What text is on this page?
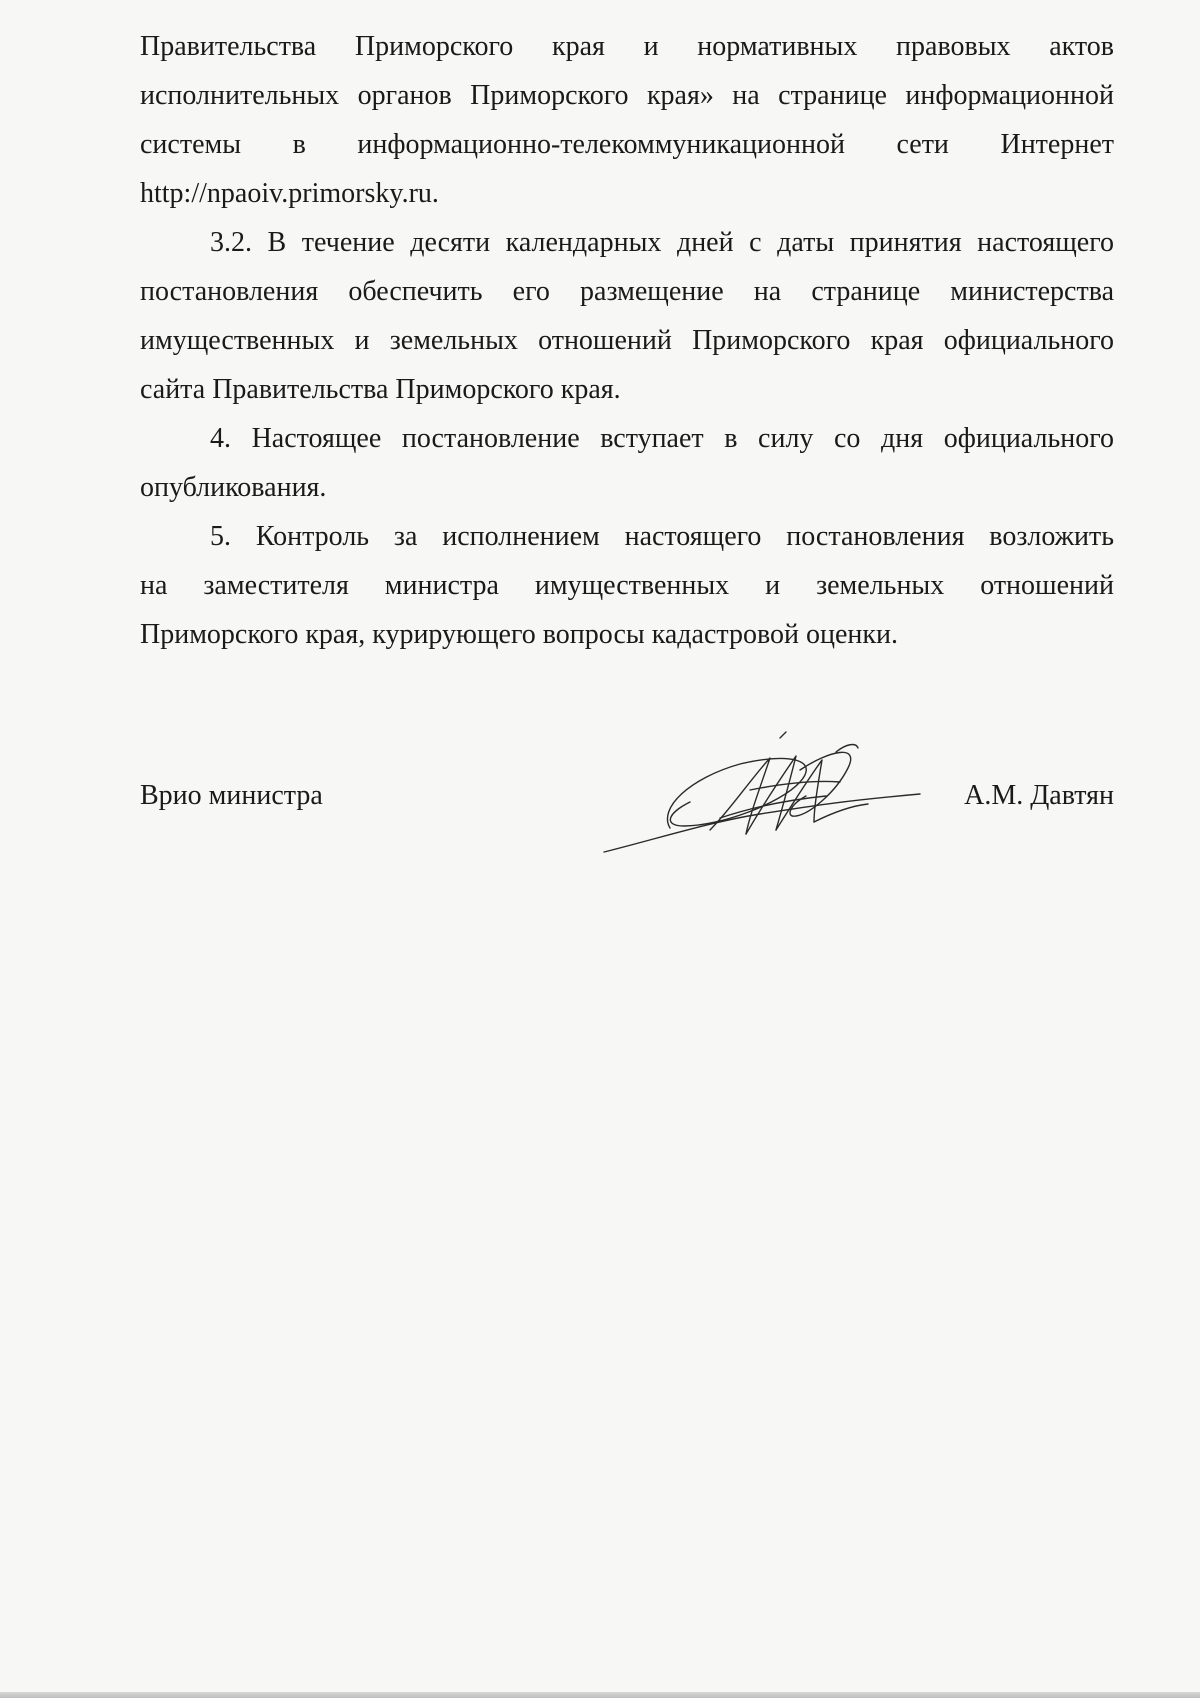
Правительства Приморского края и нормативных правовых актов
исполнительных органов Приморского края» на странице информационной
системы в информационно-телекоммуникационной сети Интернет
http://npaoiv.primorsky.ru.
3.2. В течение десяти календарных дней с даты принятия настоящего
постановления обеспечить его размещение на странице министерства
имущественных и земельных отношений Приморского края официального
сайта Правительства Приморского края.
4. Настоящее постановление вступает в силу со дня официального
опубликования.
5. Контроль за исполнением настоящего постановления возложить
на заместителя министра имущественных и земельных отношений
Приморского края, курирующего вопросы кадастровой оценки.
Врио министра	А.М. Давтян
